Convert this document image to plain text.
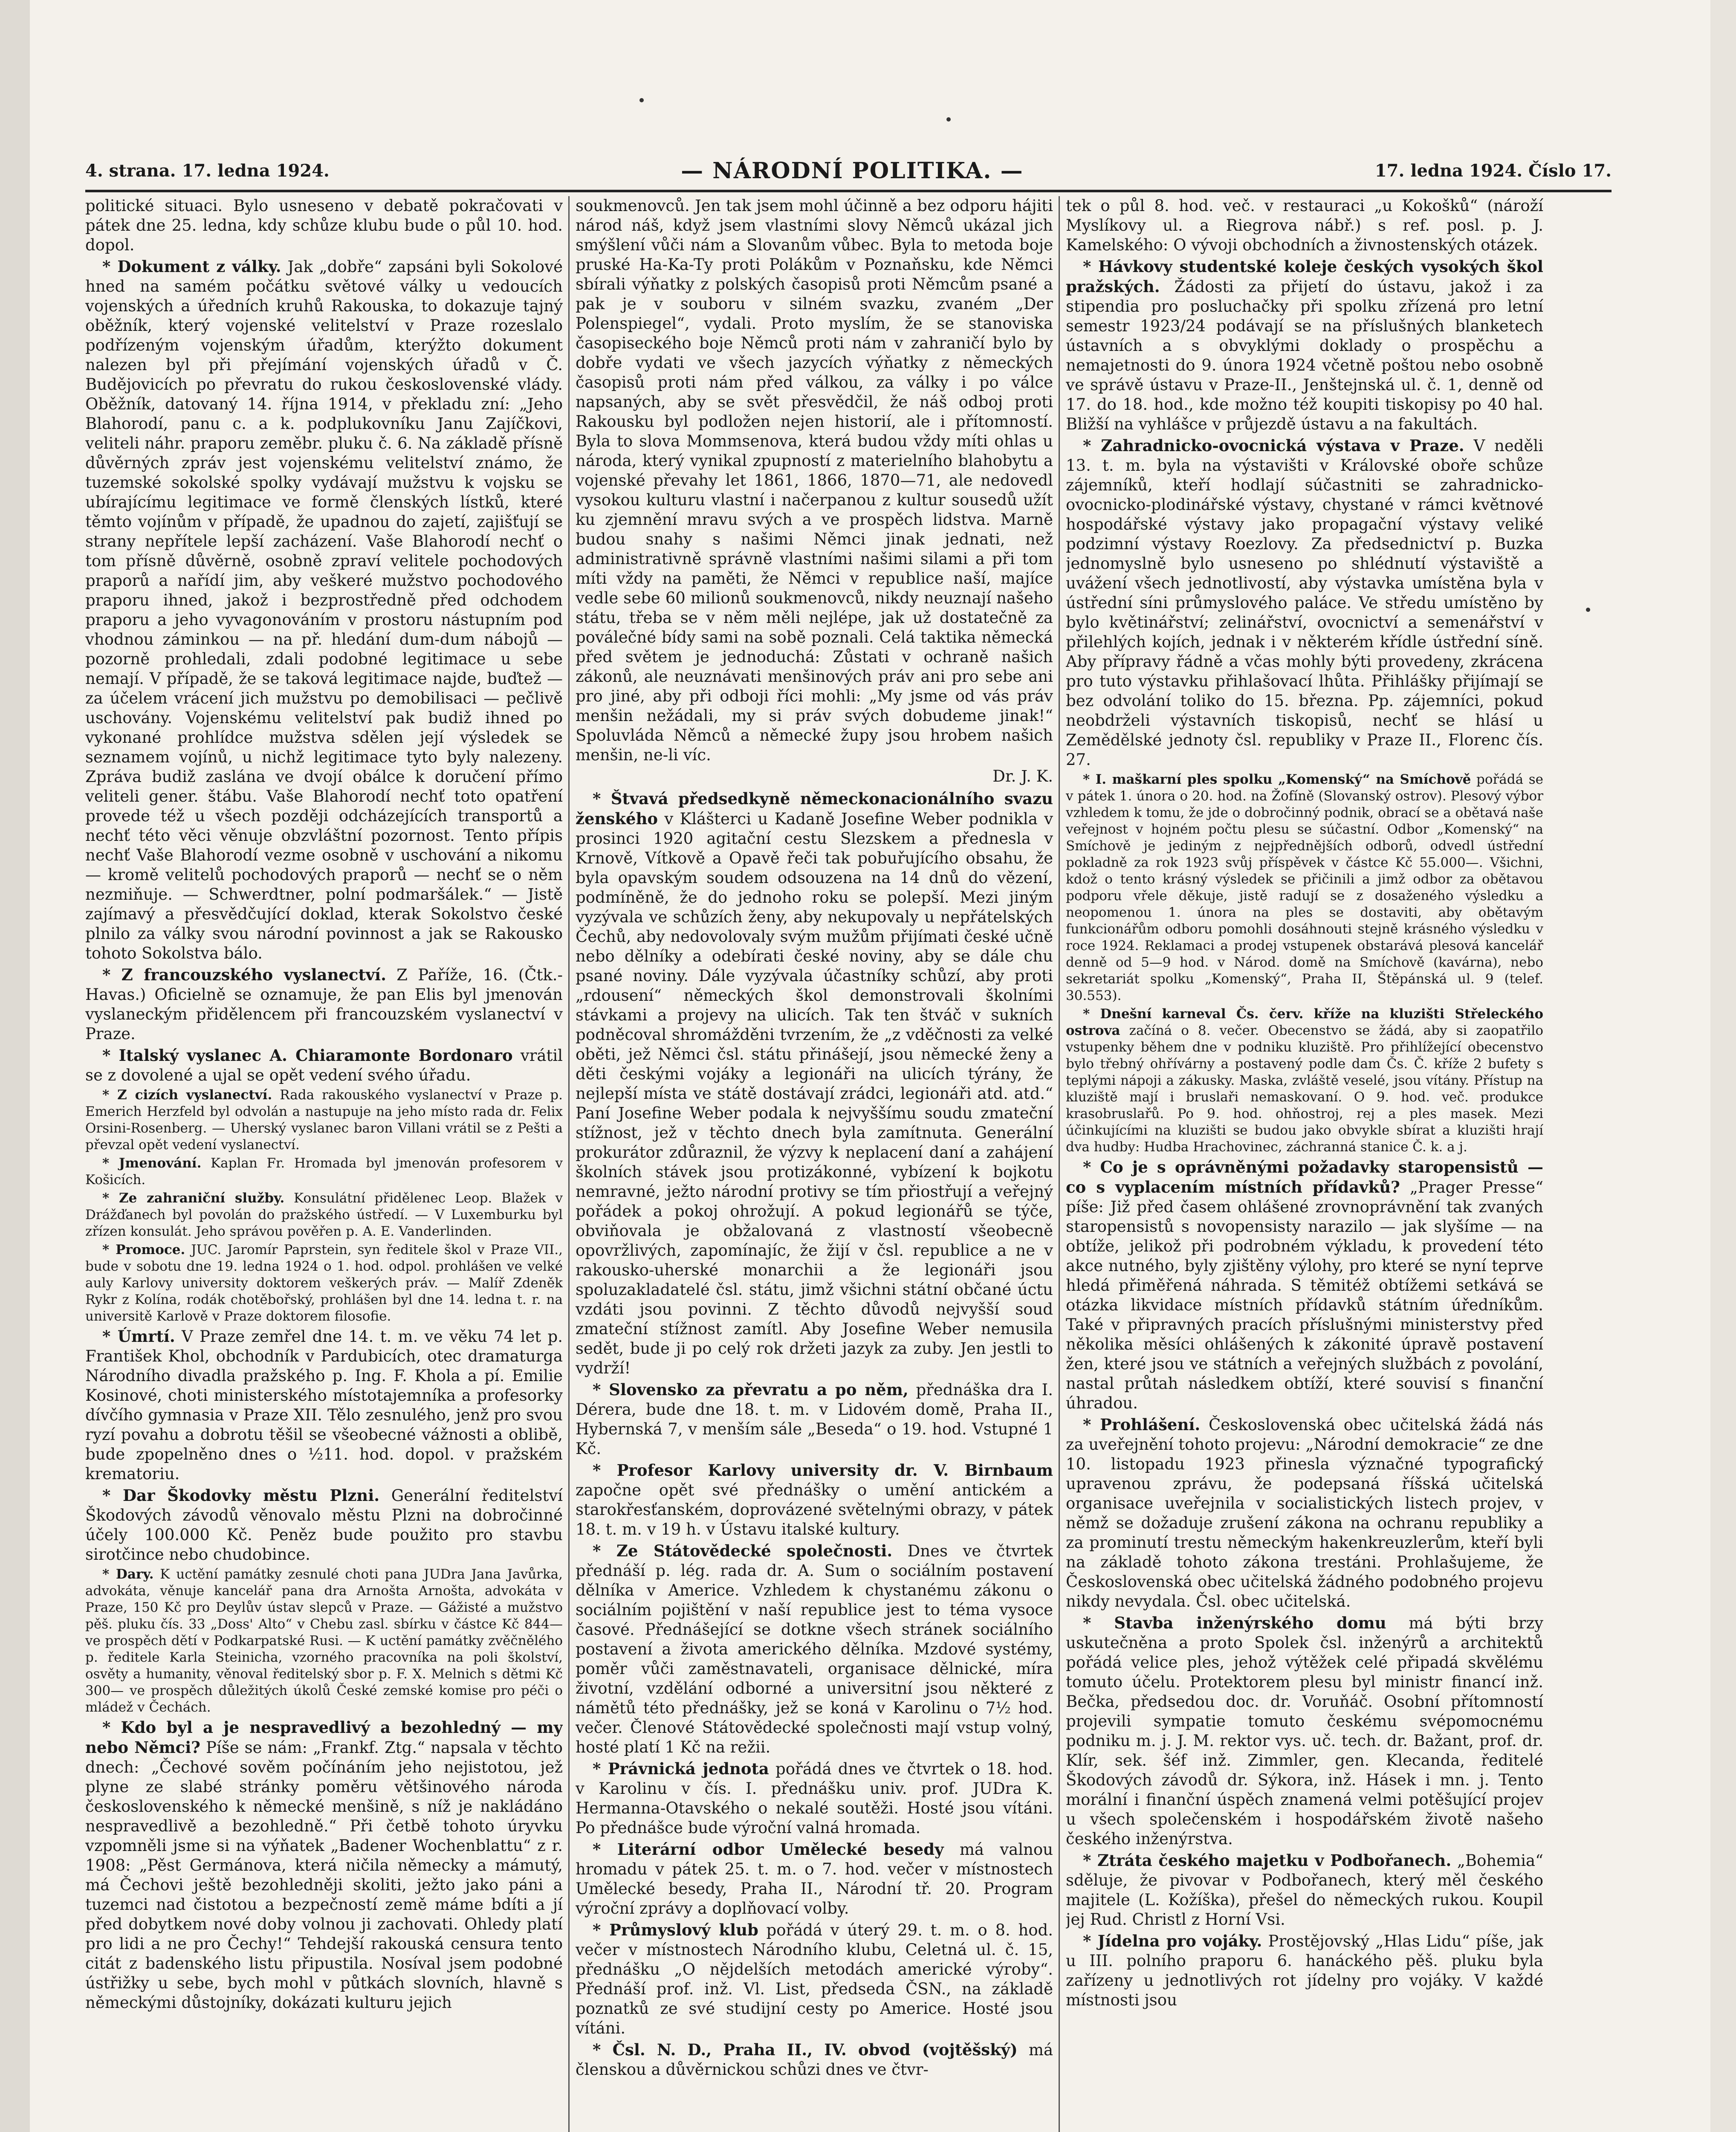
4. strana. 17. ledna 1924.	— NÁRODNÍ POLITIKA. —	17. ledna 1924. Číslo 17.

politické situaci. Bylo usneseno v debatě pokračovati v pátek dne 25. ledna, kdy schůze klubu bude o půl 10. hod. dopol.

* Dokument z války. Jak „dobře“ zapsáni byli Sokolové hned na samém počátku světové války u vedoucích vojenských a úředních kruhů Rakouska, to dokazuje tajný oběžník, který vojenské velitelství v Praze rozeslalo podřízeným vojenským úřadům, kterýžto dokument nalezen byl při přejímání vojenských úřadů v Č. Budějovicích po převratu do rukou československé vlády. Oběžník, datovaný 14. října 1914, v překladu zní: „Jeho Blahorodí, panu c. a k. podplukovníku Janu Zajíčkovi, veliteli náhr. praporu zeměbr. pluku č. 6. Na základě přísně důvěrných zpráv jest vojenskému velitelství známo, že tuzemské sokolské spolky vydávají mužstvu k vojsku se ubírajícímu legitimace ve formě členských lístků, které těmto vojínům v případě, že upadnou do zajetí, zajišťují se strany nepřítele lepší zacházení. Vaše Blahorodí nechť o tom přísně důvěrně, osobně zpraví velitele pochodových praporů a nařídí jim, aby veškeré mužstvo pochodového praporu ihned, jakož i bezprostředně před odchodem praporu a jeho vyvagonováním v prostoru nástupním pod vhodnou záminkou — na př. hledání dum-dum nábojů — pozorně prohledali, zdali podobné legitimace u sebe nemají. V případě, že se taková legitimace najde, buďtež — za účelem vrácení jich mužstvu po demobilisaci — pečlivě uschovány. Vojenskému velitelství pak budiž ihned po vykonané prohlídce mužstva sdělen její výsledek se seznamem vojínů, u nichž legitimace tyto byly nalezeny. Zpráva budiž zaslána ve dvojí obálce k doručení přímo veliteli gener. štábu. Vaše Blahorodí nechť toto opatření provede též u všech později odcházejících transportů a nechť této věci věnuje obzvláštní pozornost. Tento přípis nechť Vaše Blahorodí vezme osobně v uschování a nikomu — kromě velitelů pochodových praporů — nechť se o něm nezmiňuje. — Schwerdtner, polní podmaršálek.“ — Jistě zajímavý a přesvědčující doklad, kterak Sokolstvo české plnilo za války svou národní povinnost a jak se Rakousko tohoto Sokolstva bálo.

* Z francouzského vyslanectví. Z Paříže, 16. (Čtk.-Havas.) Oficielně se oznamuje, že pan Elis byl jmenován vyslaneckým přidělencem při francouzském vyslanectví v Praze.

* Italský vyslanec A. Chiaramonte Bordonaro vrátil se z dovolené a ujal se opět vedení svého úřadu.

* Z cizích vyslanectví. Rada rakouského vyslanectví v Praze p. Emerich Herzfeld byl odvolán a nastupuje na jeho místo rada dr. Felix Orsini-Rosenberg. — Uherský vyslanec baron Villani vrátil se z Pešti a převzal opět vedení vyslanectví.

* Jmenování. Kaplan Fr. Hromada byl jmenován profesorem v Košicích.

* Ze zahraniční služby. Konsulátní přidělenec Leop. Blažek v Drážďanech byl povolán do pražského ústředí. — V Luxemburku byl zřízen konsulát. Jeho správou pověřen p. A. E. Vanderlinden.

* Promoce. JUC. Jaromír Paprstein, syn ředitele škol v Praze VII., bude v sobotu dne 19. ledna 1924 o 1. hod. odpol. prohlášen ve velké auly Karlovy university doktorem veškerých práv. — Malíř Zdeněk Rykr z Kolína, rodák chotěbořský, prohlášen byl dne 14. ledna t. r. na universitě Karlově v Praze doktorem filosofie.

* Úmrtí. V Praze zemřel dne 14. t. m. ve věku 74 let p. František Khol, obchodník v Pardubicích, otec dramaturga Národního divadla pražského p. Ing. F. Khola a pí. Emilie Kosinové, choti ministerského místotajemníka a profesorky dívčího gymnasia v Praze XII. Tělo zesnulého, jenž pro svou ryzí povahu a dobrotu těšil se všeobecné vážnosti a oblibě, bude zpopelněno dnes o ½11. hod. dopol. v pražském krematoriu.

* Dar Škodovky městu Plzni. Generální ředitelství Škodových závodů věnovalo městu Plzni na dobročinné účely 100.000 Kč. Peněz bude použito pro stavbu sirotčince nebo chudobince.

* Dary. K uctění památky zesnulé choti pana JUDra Jana Javůrka, advokáta, věnuje kancelář pana dra Arnošta Arnošta, advokáta v Praze, 150 Kč pro Deylův ústav slepců v Praze. — Gážisté a mužstvo pěš. pluku čís. 33 „Doss' Alto“ v Chebu zasl. sbírku v částce Kč 844— ve prospěch dětí v Podkarpatské Rusi. — K uctění památky zvěčnělého p. ředitele Karla Steinicha, vzorného pracovníka na poli školství, osvěty a humanity, věnoval ředitelský sbor p. F. X. Melnich s dětmi Kč 300— ve prospěch důležitých úkolů České zemské komise pro péči o mládež v Čechách.

* Kdo byl a je nespravedlivý a bezohledný — my nebo Němci? Píše se nám: „Frankf. Ztg.“ napsala v těchto dnech: „Čechové sověm počínáním jeho nejistotou, jež plyne ze slabé stránky poměru většinového národa československého k německé menšině, s níž je nakládáno nespravedlivě a bezohledně.“ Při četbě tohoto úryvku vzpomněli jsme si na výňatek „Badener Wochenblattu“ z r. 1908: „Pěst Germánova, která ničila německy a mámutý, má Čechovi ještě bezohledněji skoliti, ježto jako páni a tuzemci nad čistotou a bezpečností země máme bdíti a jí před dobytkem nové doby volnou ji zachovati. Ohledy platí pro lidi a ne pro Čechy!“ Tehdejší rakouská censura tento citát z badenského listu připustila. Nosíval jsem podobné ústřižky u sebe, bych mohl v půtkách slovních, hlavně s německými důstojníky, dokázati kulturu jejich

soukmenovců. Jen tak jsem mohl účinně a bez odporu hájiti národ náš, když jsem vlastními slovy Němců ukázal jich smýšlení vůči nám a Slovanům vůbec. Byla to metoda boje pruské Ha-Ka-Ty proti Polákům v Poznaňsku, kde Němci sbírali výňatky z polských časopisů proti Němcům psané a pak je v souboru v silném svazku, zvaném „Der Polenspiegel“, vydali. Proto myslím, že se stanoviska časopiseckého boje Němců proti nám v zahraničí bylo by dobře vydati ve všech jazycích výňatky z německých časopisů proti nám před válkou, za války i po válce napsaných, aby se svět přesvědčil, že náš odboj proti Rakousku byl podložen nejen historií, ale i přítomností. Byla to slova Mommsenova, která budou vždy míti ohlas u národa, který vynikal zpupností z materielního blahobytu a vojenské převahy let 1861, 1866, 1870—71, ale nedovedl vysokou kulturu vlastní i načerpanou z kultur sousedů užít ku zjemnění mravu svých a ve prospěch lidstva. Marně budou snahy s našimi Němci jinak jednati, než administrativně správně vlastními našimi silami a při tom míti vždy na paměti, že Němci v republice naší, majíce vedle sebe 60 milionů soukmenovců, nikdy neuznají našeho státu, třeba se v něm měli nejlépe, jak už dostatečně za poválečné bídy sami na sobě poznali. Celá taktika německá před světem je jednoduchá: Zůstati v ochraně našich zákonů, ale neuznávati menšinových práv ani pro sebe ani pro jiné, aby při odboji říci mohli: „My jsme od vás práv menšin nežádali, my si práv svých dobudeme jinak!“ Spoluvláda Němců a německé župy jsou hrobem našich menšin, ne-li víc.

Dr. J. K.

* Štvavá předsedkyně německonacionálního svazu ženského v Klášterci u Kadaně Josefine Weber podnikla v prosinci 1920 agitační cestu Slezskem a přednesla v Krnově, Vítkově a Opavě řeči tak pobuřujícího obsahu, že byla opavským soudem odsouzena na 14 dnů do vězení, podmíněně, že do jednoho roku se polepší. Mezi jiným vyzývala ve schůzích ženy, aby nekupovaly u nepřátelských Čechů, aby nedovolovaly svým mužům přijímati české učně nebo dělníky a odebírati české noviny, aby se dále chu psané noviny. Dále vyzývala účastníky schůzí, aby proti „rdousení“ německých škol demonstrovali školními stávkami a projevy na ulicích. Tak ten štváč v sukních podněcoval shromážděni tvrzením, že „z vděčnosti za velké oběti, jež Němci čsl. státu přinášejí, jsou německé ženy a děti českými vojáky a legionáři na ulicích týrány, že nejlepší místa ve státě dostávají zrádci, legionáři atd. atd.“ Paní Josefine Weber podala k nejvyššímu soudu zmateční stížnost, jež v těchto dnech byla zamítnuta. Generální prokurátor zdůraznil, že výzvy k neplacení daní a zahájení školních stávek jsou protizákonné, vybízení k bojkotu nemravné, ježto národní protivy se tím přiostřují a veřejný pořádek a pokoj ohrožují. A pokud legionářů se týče, obviňovala je obžalovaná z vlastností všeobecně opovržlivých, zapomínajíc, že žijí v čsl. republice a ne v rakousko-uherské monarchii a že legionáři jsou spoluzakladatelé čsl. státu, jimž všichni státní občané úctu vzdáti jsou povinni. Z těchto důvodů nejvyšší soud zmateční stížnost zamítl. Aby Josefine Weber nemusila sedět, bude ji po celý rok držeti jazyk za zuby. Jen jestli to vydrží!

* Slovensko za převratu a po něm, přednáška dra I. Dérera, bude dne 18. t. m. v Lidovém domě, Praha II., Hybernská 7, v menším sále „Beseda“ o 19. hod. Vstupné 1 Kč.

* Profesor Karlovy university dr. V. Birnbaum započne opět své přednášky o umění antickém a starokřesťanském, doprovázené světelnými obrazy, v pátek 18. t. m. v 19 h. v Ústavu italské kultury.

* Ze Státovědecké společnosti. Dnes ve čtvrtek přednáší p. lég. rada dr. A. Sum o sociálním postavení dělníka v Americe. Vzhledem k chystanému zákonu o sociálním pojištění v naší republice jest to téma vysoce časové. Přednášející se dotkne všech stránek sociálního postavení a života amerického dělníka. Mzdové systémy, poměr vůči zaměstnavateli, organisace dělnické, míra životní, vzdělání odborné a universitní jsou některé z námětů této přednášky, jež se koná v Karolinu o 7½ hod. večer. Členové Státovědecké společnosti mají vstup volný, hosté platí 1 Kč na režii.

* Právnická jednota pořádá dnes ve čtvrtek o 18. hod. v Karolinu v čís. I. přednášku univ. prof. JUDra K. Hermanna-Otavského o nekalé soutěži. Hosté jsou vítáni. Po přednášce bude výroční valná hromada.

* Literární odbor Umělecké besedy má valnou hromadu v pátek 25. t. m. o 7. hod. večer v místnostech Umělecké besedy, Praha II., Národní tř. 20. Program výroční zprávy a doplňovací volby.

* Průmyslový klub pořádá v úterý 29. t. m. o 8. hod. večer v místnostech Národního klubu, Celetná ul. č. 15, přednášku „O nějdelších metodách americké výroby“. Přednáší prof. inž. Vl. List, předseda ČSN., na základě poznatků ze své studijní cesty po Americe. Hosté jsou vítáni.

* Čsl. N. D., Praha II., IV. obvod (vojtěšský) má členskou a důvěrnickou schůzi dnes ve čtvr-

tek o půl 8. hod. več. v restauraci „u Kokošků“ (nároží Myslíkovy ul. a Riegrova nábř.) s ref. posl. p. J. Kamelského: O vývoji obchodních a živnostenských otázek.

* Hávkovy studentské koleje českých vysokých škol pražských. Žádosti za přijetí do ústavu, jakož i za stipendia pro posluchačky při spolku zřízená pro letní semestr 1923/24 podávají se na příslušných blanketech ústavních a s obvyklými doklady o prospěchu a nemajetnosti do 9. února 1924 včetně poštou nebo osobně ve správě ústavu v Praze-II., Jenštejnská ul. č. 1, denně od 17. do 18. hod., kde možno též koupiti tiskopisy po 40 hal. Bližší na vyhlášce v průjezdě ústavu a na fakultách.

* Zahradnicko-ovocnická výstava v Praze. V neděli 13. t. m. byla na výstavišti v Královské oboře schůze zájemníků, kteří hodlají súčastniti se zahradnicko-ovocnicko-plodinářské výstavy, chystané v rámci květnové hospodářské výstavy jako propagační výstavy veliké podzimní výstavy Roezlovy. Za předsednictví p. Buzka jednomyslně bylo usneseno po shlédnutí výstaviště a uvážení všech jednotlivostí, aby výstavka umístěna byla v ústřední síni průmyslového paláce. Ve středu umístěno by bylo květinářství; zelinářství, ovocnictví a semenářství v přilehlých kojích, jednak i v některém křídle ústřední síně. Aby přípravy řádně a včas mohly býti provedeny, zkrácena pro tuto výstavku přihlašovací lhůta. Přihlášky přijímají se bez odvolání toliko do 15. března. Pp. zájemníci, pokud neobdrželi výstavních tiskopisů, nechť se hlásí u Zemědělské jednoty čsl. republiky v Praze II., Florenc čís. 27.

* I. maškarní ples spolku „Komenský“ na Smíchově pořádá se v pátek 1. února o 20. hod. na Žofíně (Slovanský ostrov). Plesový výbor vzhledem k tomu, že jde o dobročinný podnik, obrací se a obětavá naše veřejnost v hojném počtu plesu se súčastní. Odbor „Komenský“ na Smíchově je jediným z nejpřednějších odborů, odvedl ústřední pokladně za rok 1923 svůj příspěvek v částce Kč 55.000—. Všichni, kdož o tento krásný výsledek se přičinili a jimž odbor za obětavou podporu vřele děkuje, jistě radují se z dosaženého výsledku a neopomenou 1. února na ples se dostaviti, aby obětavým funkcionářům odboru pomohli dosáhnouti stejně krásného výsledku v roce 1924. Reklamaci a prodej vstupenek obstarává plesová kancelář denně od 5—9 hod. v Národ. domě na Smíchově (kavárna), nebo sekretariát spolku „Komenský“, Praha II, Štěpánská ul. 9 (telef. 30.553).

* Dnešní karneval Čs. červ. kříže na kluzišti Střeleckého ostrova začíná o 8. večer. Obecenstvo se žádá, aby si zaopatřilo vstupenky během dne v podniku kluziště. Pro přihlížející obecenstvo bylo třebný ohřívárny a postavený podle dam Čs. Č. kříže 2 bufety s teplými nápoji a zákusky. Maska, zvláště veselé, jsou vítány. Přístup na kluziště mají i bruslaři nemaskovaní. O 9. hod. več. produkce krasobruslařů. Po 9. hod. ohňostroj, rej a ples masek. Mezi účinkujícími na kluzišti se budou jako obvykle sbírat a kluzišti hrají dva hudby: Hudba Hrachovinec, záchranná stanice Č. k. a j.

* Co je s oprávněnými požadavky staropensistů — co s vyplacením místních přídavků? „Prager Presse“ píše: Již před časem ohlášené zrovnoprávnění tak zvaných staropensistů s novopensisty narazilo — jak slyšíme — na obtíže, jelikož při podrobném výkladu, k provedení této akce nutného, byly zjištěny výlohy, pro které se nyní teprve hledá přiměřená náhrada. S těmitéž obtížemi setkává se otázka likvidace místních přídavků státním úředníkům. Také v připravných pracích příslušnými ministerstvy před několika měsíci ohlášených k zákonité úpravě postavení žen, které jsou ve státních a veřejných službách z povolání, nastal průtah následkem obtíží, které souvisí s finanční úhradou.

* Prohlášení. Československá obec učitelská žádá nás za uveřejnění tohoto projevu: „Národní demokracie“ ze dne 10. listopadu 1923 přinesla význačné typografický upravenou zprávu, že podepsaná říšská učitelská organisace uveřejnila v socialistických listech projev, v němž se dožaduje zrušení zákona na ochranu republiky a za prominutí trestu německým hakenkreuzlerům, kteří byli na základě tohoto zákona trestáni. Prohlašujeme, že Československá obec učitelská žádného podobného projevu nikdy nevydala. Čsl. obec učitelská.

* Stavba inženýrského domu má býti brzy uskutečněna a proto Spolek čsl. inženýrů a architektů pořádá velice ples, jehož výtěžek celé připadá skvělému tomuto účelu. Protektorem plesu byl ministr financí inž. Bečka, předsedou doc. dr. Voruňáč. Osobní přítomností projevili sympatie tomuto českému svépomocnému podniku m. j. J. M. rektor vys. uč. tech. dr. Bažant, prof. dr. Klír, sek. šéf inž. Zimmler, gen. Klecanda, ředitelé Škodových závodů dr. Sýkora, inž. Hásek i mn. j. Tento morální i finanční úspěch znamená velmi potěšující projev u všech společenském i hospodářském životě našeho českého inženýrstva.

* Ztráta českého majetku v Podbořanech. „Bohemia“ sděluje, že pivovar v Podbořanech, který měl českého majitele (L. Kožíška), přešel do německých rukou. Koupil jej Rud. Christl z Horní Vsi.

* Jídelna pro vojáky. Prostějovský „Hlas Lidu“ píše, jak u III. polního praporu 6. hanáckého pěš. pluku byla zařízeny u jednotlivých rot jídelny pro vojáky. V každé místnosti jsou
